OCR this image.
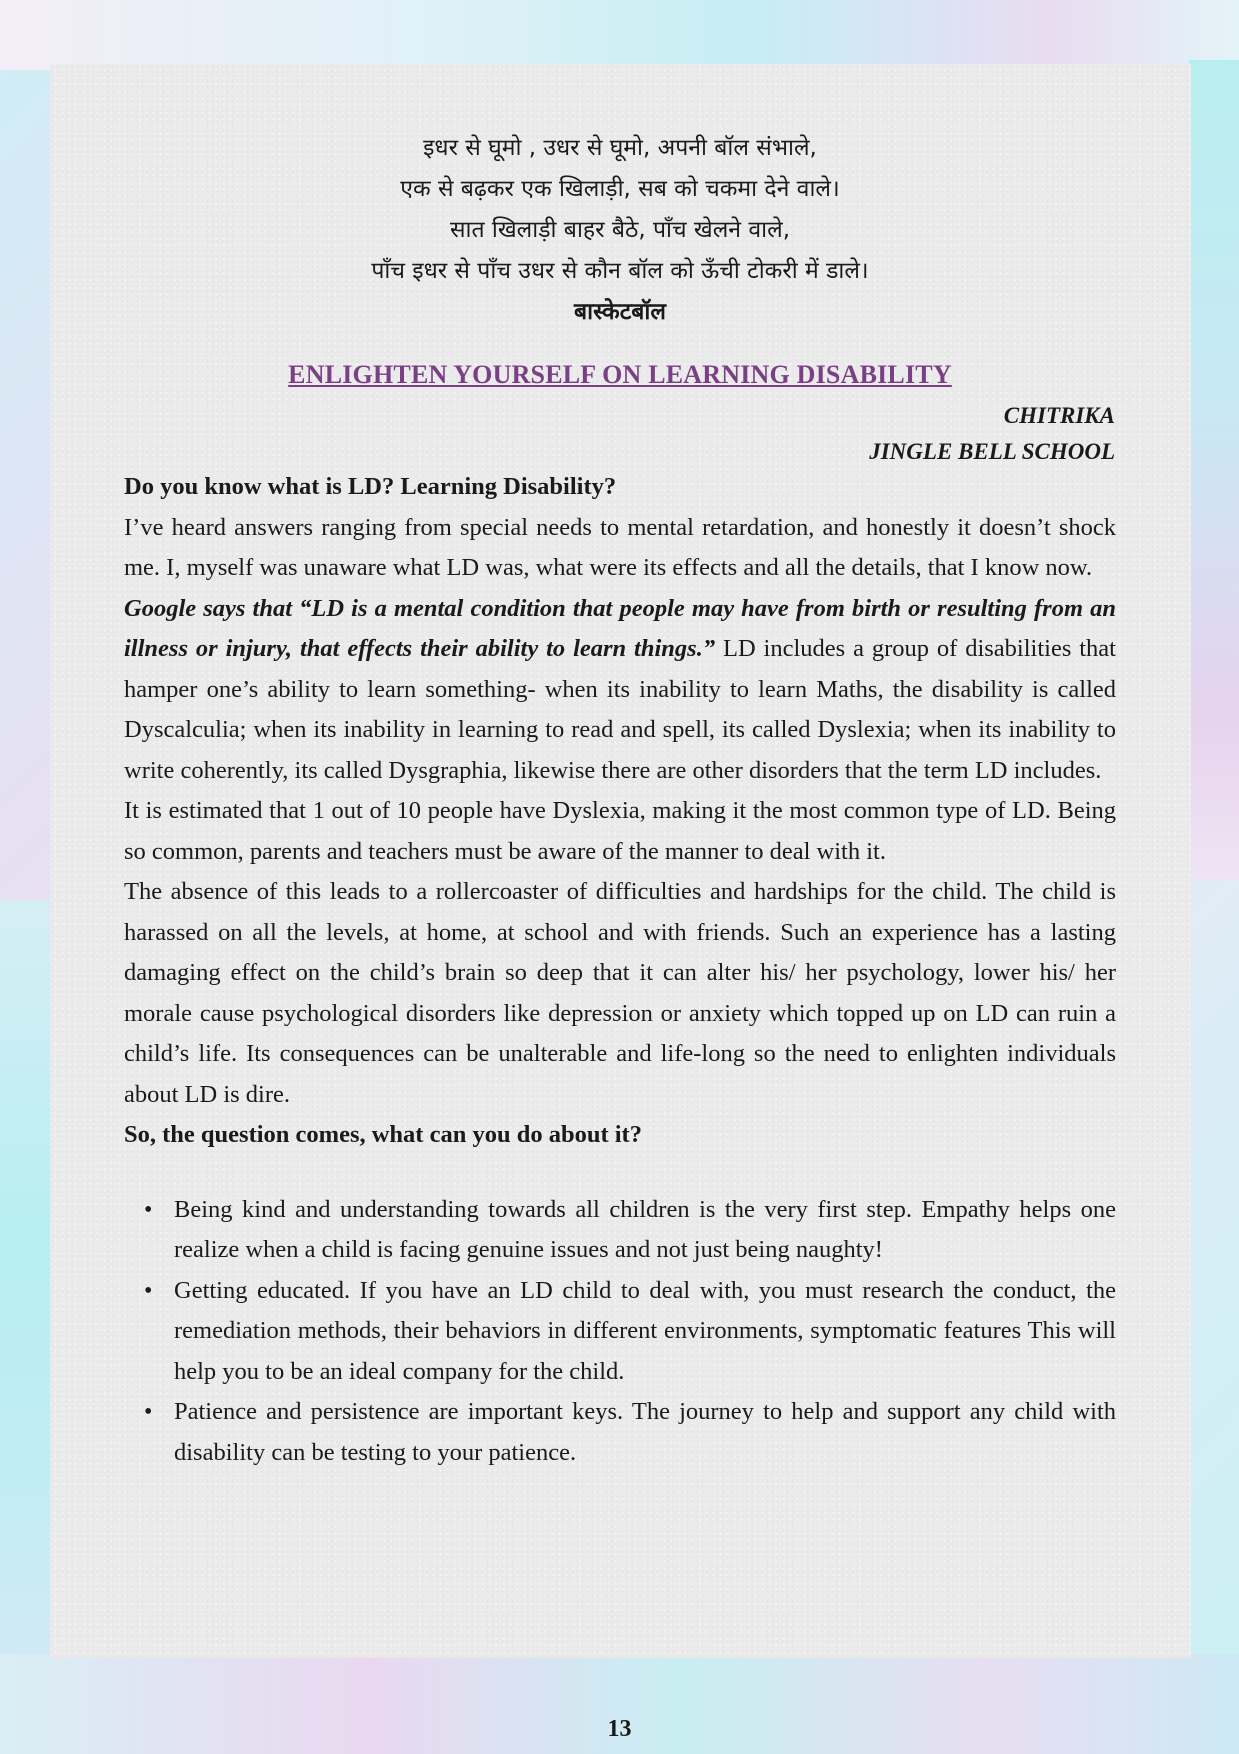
इधर से घूमो , उधर से घूमो, अपनी बॉल संभाले,
एक से बढ़कर एक खिलाड़ी, सब को चकमा देने वाले।
सात खिलाड़ी बाहर बैठे, पाँच खेलने वाले,
पाँच इधर से पाँच उधर से कौन बॉल को ऊँची टोकरी में डाले।
बास्केटबॉल
ENLIGHTEN YOURSELF ON LEARNING DISABILITY
CHITRIKA
JINGLE BELL SCHOOL

Do you know what is LD? Learning Disability?

I’ve heard answers ranging from special needs to mental retardation, and honestly it doesn’t shock me. I, myself was unaware what LD was, what were its effects and all the details, that I know now.

Google says that “LD is a mental condition that people may have from birth or resulting from an illness or injury, that effects their ability to learn things.” LD includes a group of disabilities that hamper one’s ability to learn something- when its inability to learn Maths, the disability is called Dyscalculia; when its inability in learning to read and spell, its called Dyslexia; when its inability to write coherently, its called Dysgraphia, likewise there are other disorders that the term LD includes.

It is estimated that 1 out of 10 people have Dyslexia, making it the most common type of LD. Being so common, parents and teachers must be aware of the manner to deal with it.

The absence of this leads to a rollercoaster of difficulties and hardships for the child. The child is harassed on all the levels, at home, at school and with friends. Such an experience has a lasting damaging effect on the child’s brain so deep that it can alter his/ her psychology, lower his/ her morale cause psychological disorders like depression or anxiety which topped up on LD can ruin a child’s life. Its consequences can be unalterable and life-long so the need to enlighten individuals about LD is dire.

So, the question comes, what can you do about it?

• Being kind and understanding towards all children is the very first step. Empathy helps one realize when a child is facing genuine issues and not just being naughty!
• Getting educated. If you have an LD child to deal with, you must research the conduct, the remediation methods, their behaviors in different environments, symptomatic features This will help you to be an ideal company for the child.
• Patience and persistence are important keys. The journey to help and support any child with disability can be testing to your patience.
13
